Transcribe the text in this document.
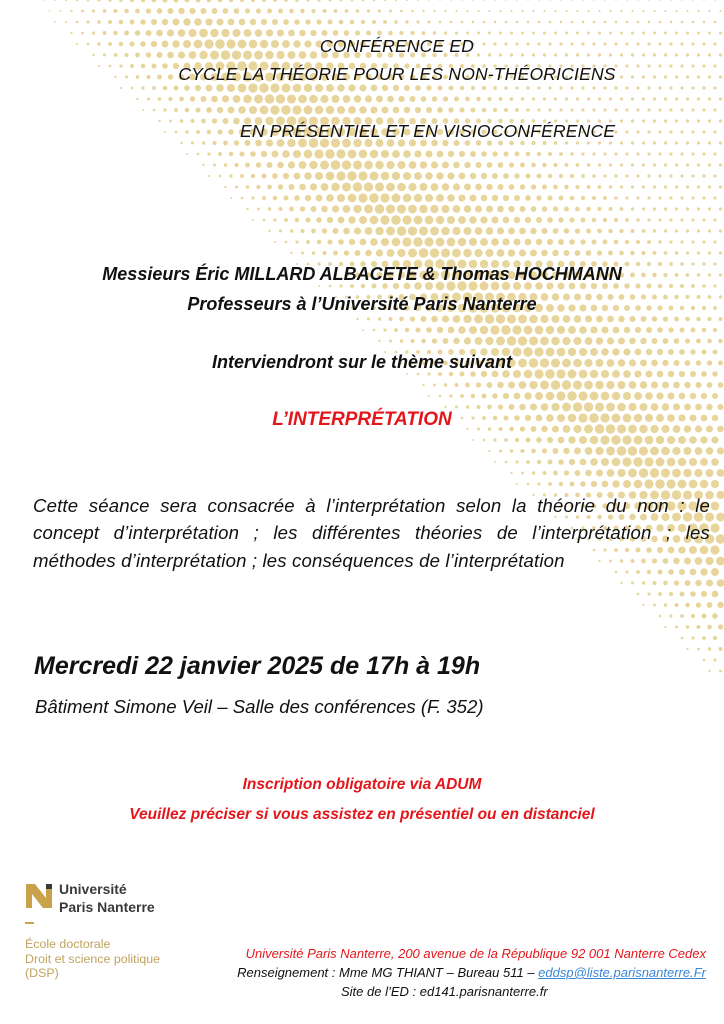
CONFÉRENCE ED
CYCLE LA THÉORIE POUR LES NON-THÉORICIENS
EN PRÉSENTIEL ET EN VISIOCONFÉRENCE
Messieurs Éric MILLARD ALBACETE & Thomas HOCHMANN
Professeurs à l’Université Paris Nanterre
Interviendront sur le thème suivant
L’INTERPRÉTATION
Cette séance sera consacrée à l’interprétation selon la théorie du non : le concept d’interprétation ; les différentes théories de l’interprétation ; les méthodes d’interprétation ; les conséquences de l’interprétation
Mercredi 22 janvier 2025 de 17h à 19h
Bâtiment Simone Veil – Salle des conférences (F. 352)
Inscription obligatoire via ADUM
Veuillez préciser si vous assistez en présentiel ou en distanciel
Université
Paris Nanterre
École doctorale
Droit et science politique
(DSP)
Université Paris Nanterre, 200 avenue de la République 92 001 Nanterre Cedex
Renseignement : Mme MG THIANT – Bureau 511 – eddsp@liste.parisnanterre.Fr
Site de l’ED : ed141.parisnanterre.fr
